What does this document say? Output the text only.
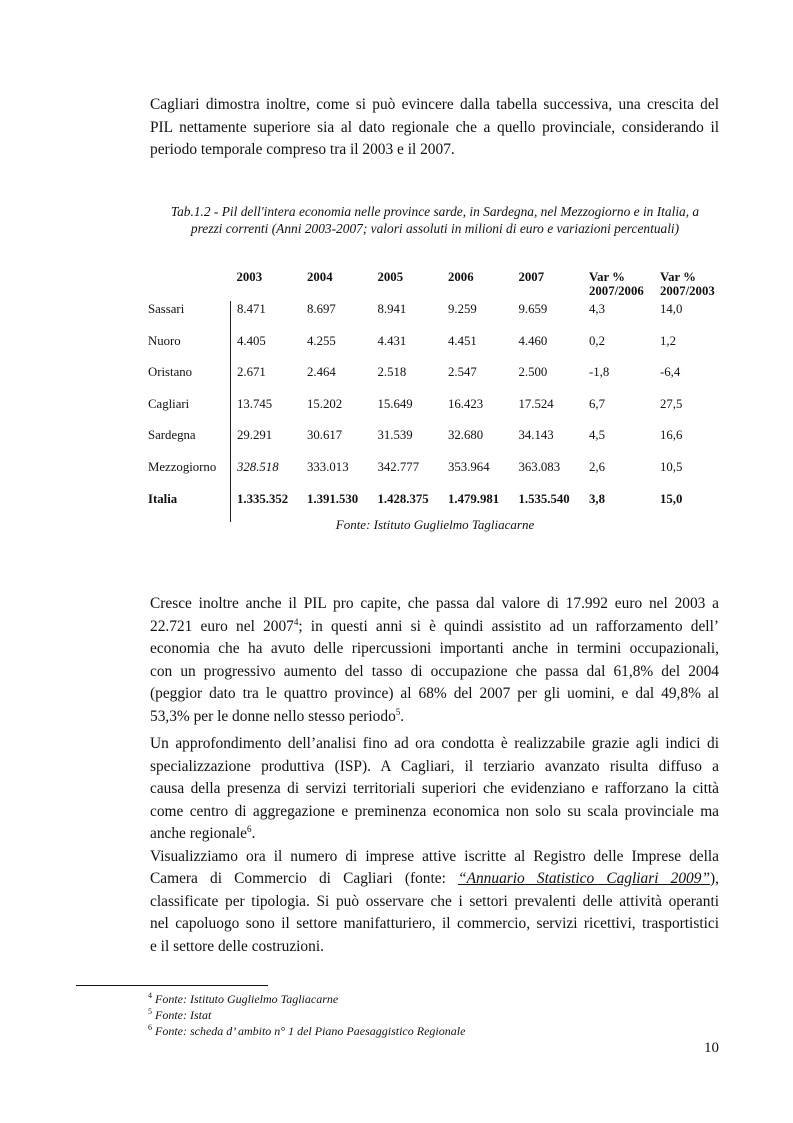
Cagliari dimostra inoltre, come si può evincere dalla tabella successiva, una crescita del
PIL nettamente superiore sia al dato regionale che a quello provinciale, considerando il
periodo temporale compreso tra il 2003 e il 2007.
Tab.1.2 - Pil dell'intera economia nelle province sarde, in Sardegna, nel Mezzogiorno e in Italia, a prezzi correnti (Anni 2003-2007; valori assoluti in milioni di euro e variazioni percentuali)
	2003	2004	2005	2006	2007	Var % 2007/2006	Var % 2007/2003
Sassari	8.471	8.697	8.941	9.259	9.659	4,3	14,0
Nuoro	4.405	4.255	4.431	4.451	4.460	0,2	1,2
Oristano	2.671	2.464	2.518	2.547	2.500	-1,8	-6,4
Cagliari	13.745	15.202	15.649	16.423	17.524	6,7	27,5
Sardegna	29.291	30.617	31.539	32.680	34.143	4,5	16,6
Mezzogiorno	328.518	333.013	342.777	353.964	363.083	2,6	10,5
Italia	1.335.352	1.391.530	1.428.375	1.479.981	1.535.540	3,8	15,0
Fonte: Istituto Guglielmo Tagliacarne
Cresce inoltre anche il PIL pro capite, che passa dal valore di 17.992 euro nel 2003 a
22.721 euro nel 2007$^4$; in questi anni si è quindi assistito ad un rafforzamento dell’
economia che ha avuto delle ripercussioni importanti anche in termini occupazionali,
con un progressivo aumento del tasso di occupazione che passa dal 61,8% del 2004
(peggior dato tra le quattro province) al 68% del 2007 per gli uomini, e dal 49,8% al
53,3% per le donne nello stesso periodo$^5$.
Un approfondimento dell’analisi fino ad ora condotta è realizzabile grazie agli indici di
specializzazione produttiva (ISP). A Cagliari, il terziario avanzato risulta diffuso a
causa della presenza di servizi territoriali superiori che evidenziano e rafforzano la città
come centro di aggregazione e preminenza economica non solo su scala provinciale ma
anche regionale$^6$.
Visualizziamo ora il numero di imprese attive iscritte al Registro delle Imprese della
Camera di Commercio di Cagliari (fonte: “Annuario Statistico Cagliari 2009”),
classificate per tipologia. Si può osservare che i settori prevalenti delle attività operanti
nel capoluogo sono il settore manifatturiero, il commercio, servizi ricettivi, trasportistici
e il settore delle costruzioni.
$^4$ Fonte: Istituto Guglielmo Tagliacarne
$^5$ Fonte: Istat
$^6$ Fonte: scheda d’ ambito n° 1 del Piano Paesaggistico Regionale
10
